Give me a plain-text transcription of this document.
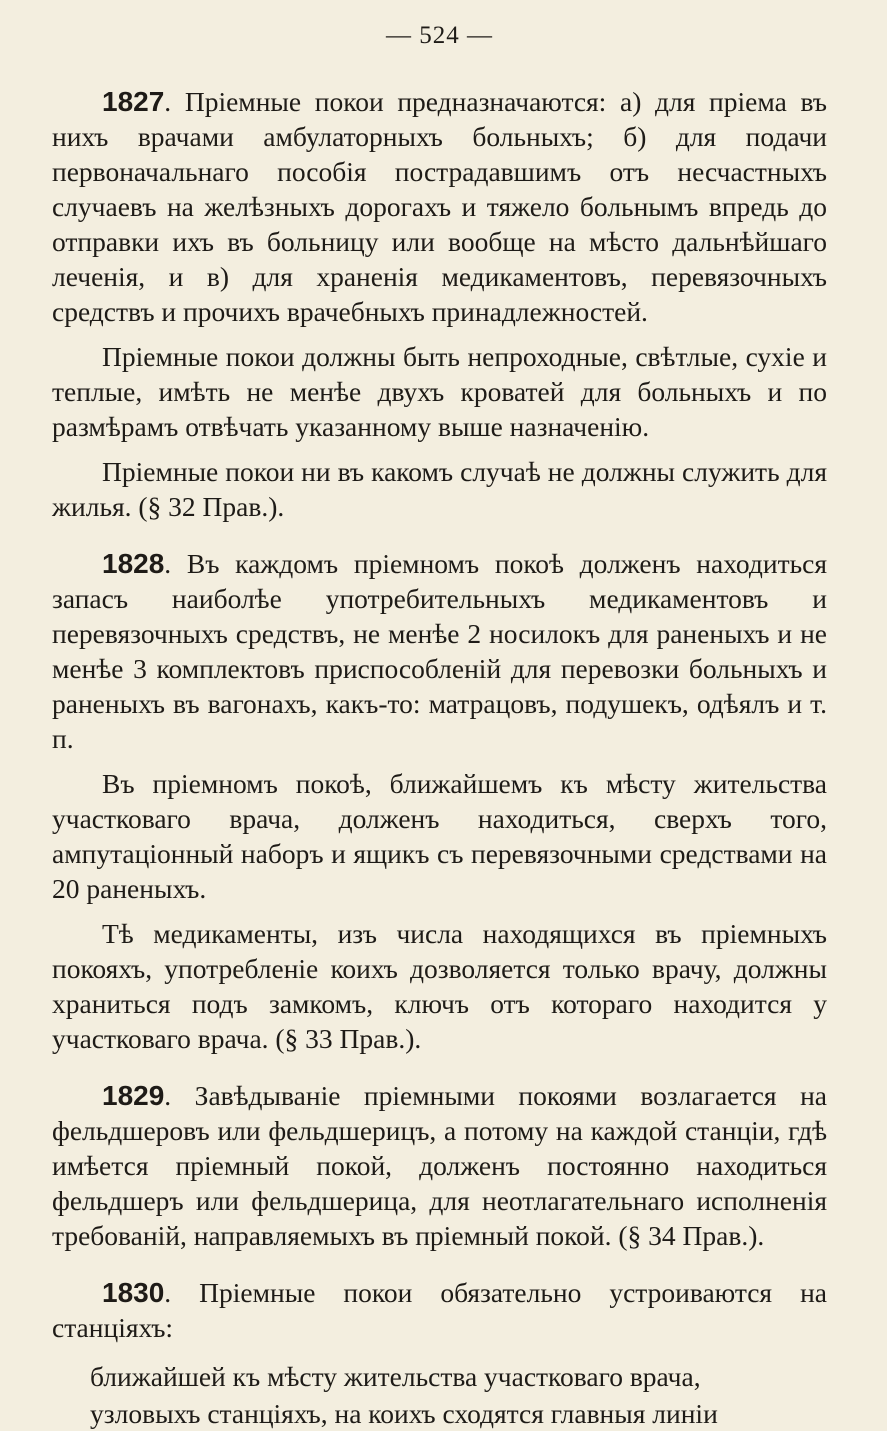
— 524 —

1827. Пріемные покои предназначаются: а) для пріема въ нихъ врачами амбулаторныхъ больныхъ; б) для подачи первоначальнаго пособія пострадавшимъ отъ несчастныхъ случаевъ на желѣзныхъ дорогахъ и тяжело больнымъ впредь до отправки ихъ въ больницу или вообще на мѣсто дальнѣйшаго леченія, и в) для храненія медикаментовъ, перевязочныхъ средствъ и прочихъ врачебныхъ принадлежностей.

Пріемные покои должны быть непроходные, свѣтлые, сухіе и теплые, имѣть не менѣе двухъ кроватей для больныхъ и по размѣрамъ отвѣчать указанному выше назначенію.

Пріемные покои ни въ какомъ случаѣ не должны служить для жилья. (§ 32 Прав.).

1828. Въ каждомъ пріемномъ покоѣ долженъ находиться запасъ наиболѣе употребительныхъ медикаментовъ и перевязочныхъ средствъ, не менѣе 2 носилокъ для раненыхъ и не менѣе 3 комплектовъ приспособленій для перевозки больныхъ и раненыхъ въ вагонахъ, какъ-то: матрацовъ, подушекъ, одѣялъ и т. п.

Въ пріемномъ покоѣ, ближайшемъ къ мѣсту жительства участковаго врача, долженъ находиться, сверхъ того, ампутаціонный наборъ и ящикъ съ перевязочными средствами на 20 раненыхъ.

Тѣ медикаменты, изъ числа находящихся въ пріемныхъ покояхъ, употребленіе коихъ дозволяется только врачу, должны храниться подъ замкомъ, ключъ отъ котораго находится у участковаго врача. (§ 33 Прав.).

1829. Завѣдываніе пріемными покоями возлагается на фельдшеровъ или фельдшерицъ, а потому на каждой станціи, гдѣ имѣется пріемный покой, долженъ постоянно находиться фельдшеръ или фельдшерица, для неотлагательнаго исполненія требованій, направляемыхъ въ пріемный покой. (§ 34 Прав.).

1830. Пріемные покои обязательно устроиваются на станціяхъ:

ближайшей къ мѣсту жительства участковаго врача,
узловыхъ станціяхъ, на коихъ сходятся главныя линіи
